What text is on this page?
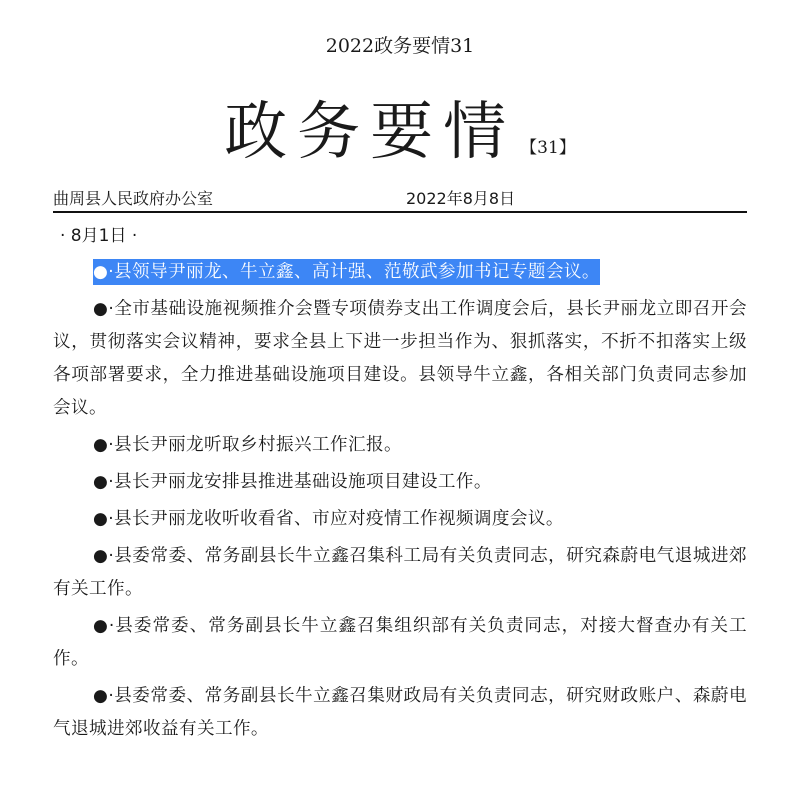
2022政务要情31
政务要情 【31】
曲周县人民政府办公室	2022年8月8日
· 8月1日 ·

●·县领导尹丽龙、牛立鑫、高计强、范敬武参加书记专题会议。

●·全市基础设施视频推介会暨专项债券支出工作调度会后，县长尹丽龙立即召开会议，贯彻落实会议精神，要求全县上下进一步担当作为、狠抓落实，不折不扣落实上级各项部署要求，全力推进基础设施项目建设。县领导牛立鑫，各相关部门负责同志参加会议。

●·县长尹丽龙听取乡村振兴工作汇报。

●·县长尹丽龙安排县推进基础设施项目建设工作。

●·县长尹丽龙收听收看省、市应对疫情工作视频调度会议。

●·县委常委、常务副县长牛立鑫召集科工局有关负责同志，研究森蔚电气退城进郊有关工作。

●·县委常委、常务副县长牛立鑫召集组织部有关负责同志，对接大督查办有关工作。

●·县委常委、常务副县长牛立鑫召集财政局有关负责同志，研究财政账户、森蔚电气退城进郊收益有关工作。
